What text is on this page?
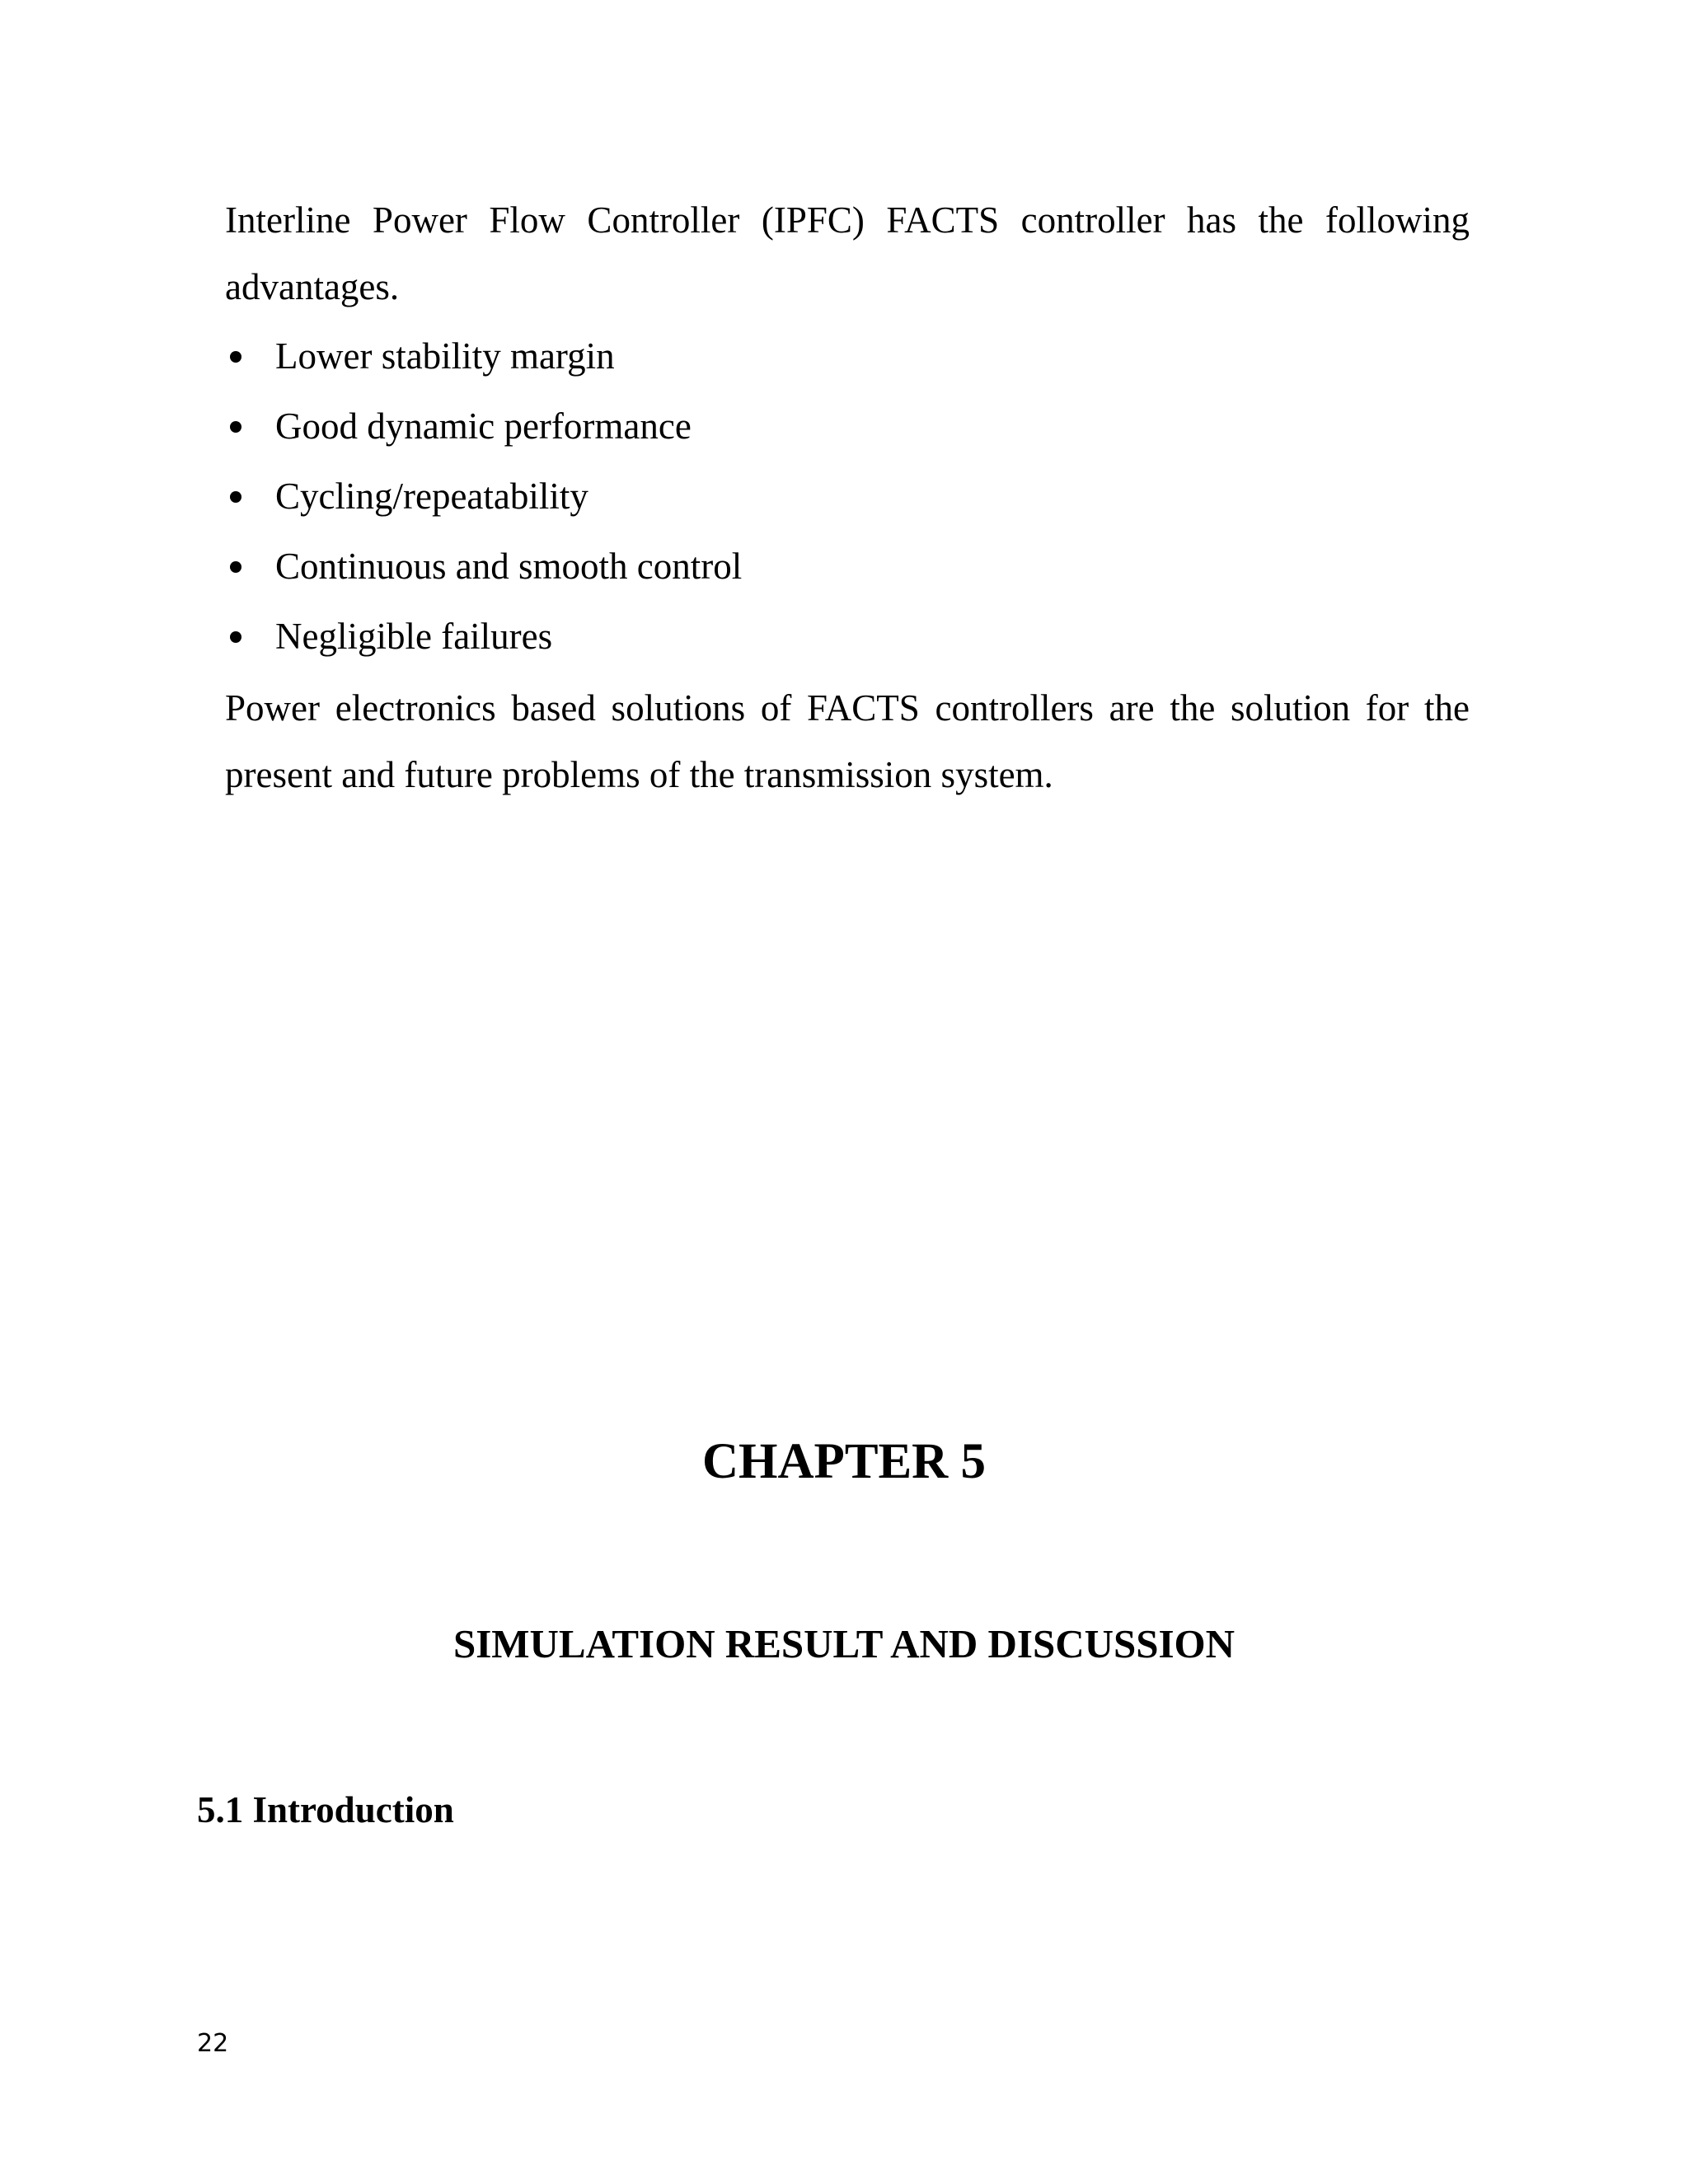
Interline Power Flow Controller (IPFC) FACTS controller has the following
advantages.

Lower stability margin
Good dynamic performance
Cycling/repeatability
Continuous and smooth control
Negligible failures

Power electronics based solutions of FACTS controllers are the solution for the
present and future problems of the transmission system.

CHAPTER 5
SIMULATION RESULT AND DISCUSSION
5.1 Introduction
22
